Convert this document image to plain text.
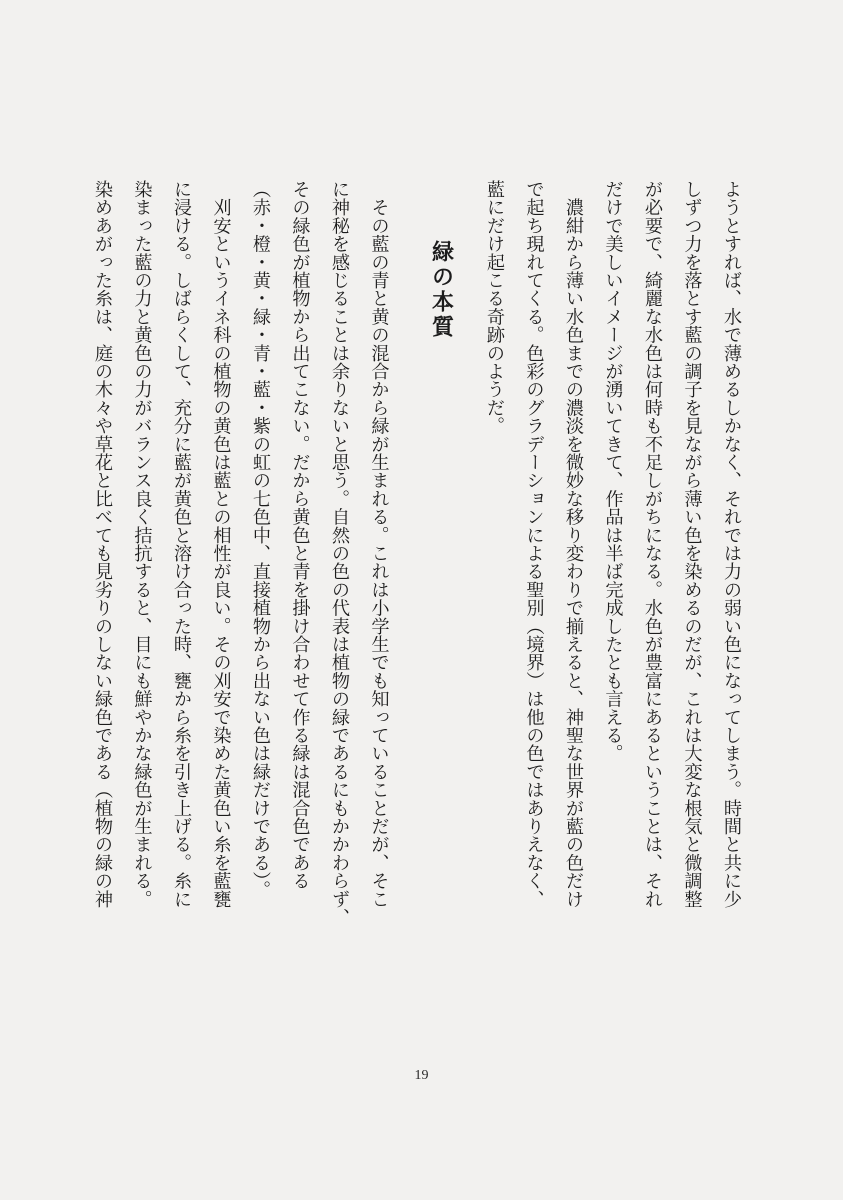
ようとすれば、水で薄めるしかなく、それでは力の弱い色になってしまう。時間と共に少

しずつ力を落とす藍の調子を見ながら薄い色を染めるのだが、これは大変な根気と微調整

が必要で、綺麗な水色は何時も不足しがちになる。水色が豊富にあるということは、それ

だけで美しいイメージが湧いてきて、作品は半ば完成したとも言える。

　濃紺から薄い水色までの濃淡を微妙な移り変わりで揃えると、神聖な世界が藍の色だけ

で起ち現れてくる。色彩のグラデーションによる聖別（境界）は他の色ではありえなく、

藍にだけ起こる奇跡のようだ。

緑の本質

　その藍の青と黄の混合から緑が生まれる。これは小学生でも知っていることだが、そこ

に神秘を感じることは余りないと思う。自然の色の代表は植物の緑であるにもかかわらず、

その緑色が植物から出てこない。だから黄色と青を掛け合わせて作る緑は混合色である

（赤・橙・黄・緑・青・藍・紫の虹の七色中、直接植物から出ない色は緑だけである）。

　刈安というイネ科の植物の黄色は藍との相性が良い。その刈安で染めた黄色い糸を藍甕

に浸ける。しばらくして、充分に藍が黄色と溶け合った時、甕から糸を引き上げる。糸に

染まった藍の力と黄色の力がバランス良く拮抗すると、目にも鮮やかな緑色が生まれる。

染めあがった糸は、庭の木々や草花と比べても見劣りのしない緑色である（植物の緑の神

19
